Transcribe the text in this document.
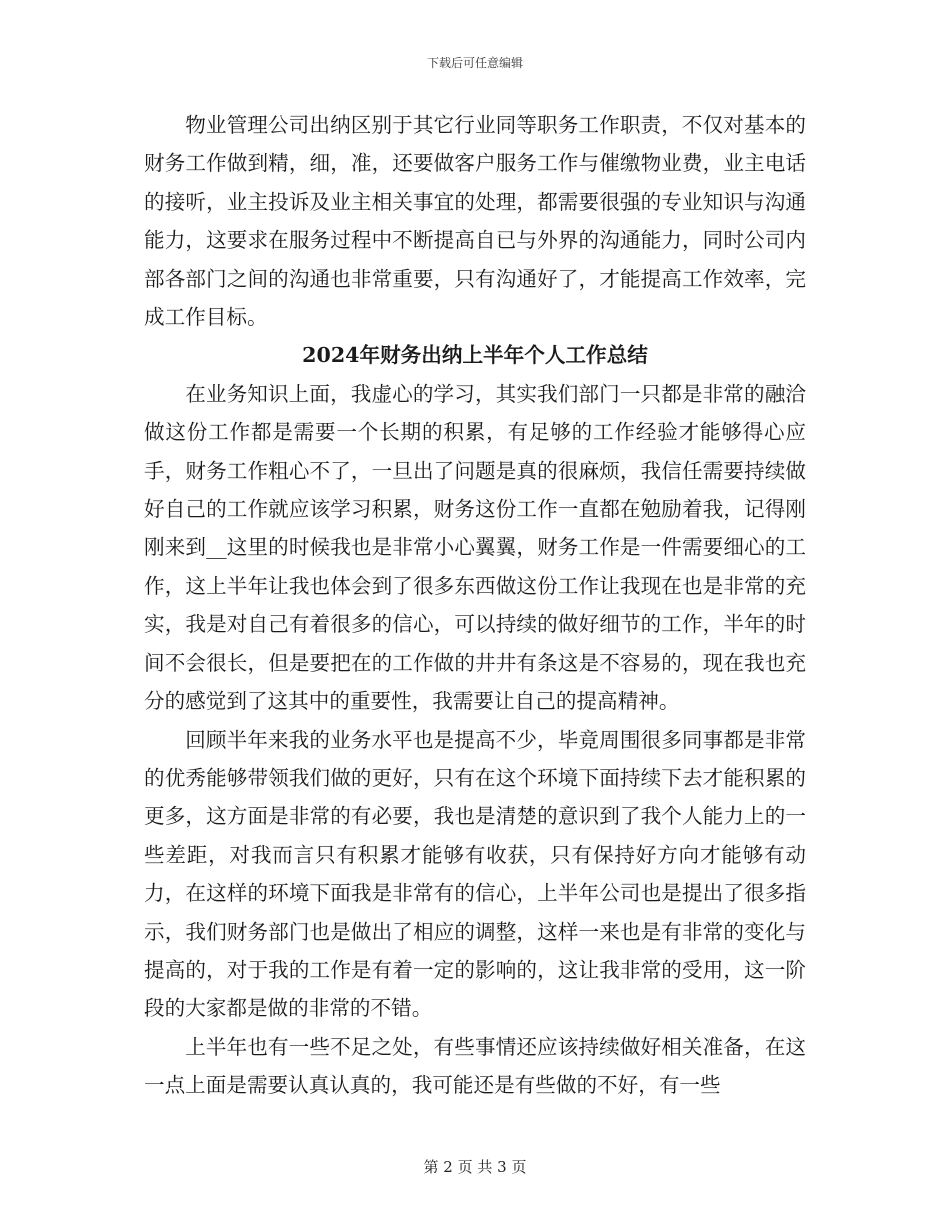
下载后可任意编辑

物业管理公司出纳区别于其它行业同等职务工作职责，不仅对基本的财务工作做到精，细，准，还要做客户服务工作与催缴物业费，业主电话的接听，业主投诉及业主相关事宜的处理，都需要很强的专业知识与沟通能力，这要求在服务过程中不断提高自已与外界的沟通能力，同时公司内部各部门之间的沟通也非常重要，只有沟通好了，才能提高工作效率，完成工作目标。

2024年财务出纳上半年个人工作总结

在业务知识上面，我虚心的学习，其实我们部门一只都是非常的融洽做这份工作都是需要一个长期的积累，有足够的工作经验才能够得心应手，财务工作粗心不了，一旦出了问题是真的很麻烦，我信任需要持续做好自己的工作就应该学习积累，财务这份工作一直都在勉励着我，记得刚刚来到__这里的时候我也是非常小心翼翼，财务工作是一件需要细心的工作，这上半年让我也体会到了很多东西做这份工作让我现在也是非常的充实，我是对自己有着很多的信心，可以持续的做好细节的工作，半年的时间不会很长，但是要把在的工作做的井井有条这是不容易的，现在我也充分的感觉到了这其中的重要性，我需要让自己的提高精神。

回顾半年来我的业务水平也是提高不少，毕竟周围很多同事都是非常的优秀能够带领我们做的更好，只有在这个环境下面持续下去才能积累的更多，这方面是非常的有必要，我也是清楚的意识到了我个人能力上的一些差距，对我而言只有积累才能够有收获，只有保持好方向才能够有动力，在这样的环境下面我是非常有的信心，上半年公司也是提出了很多指示，我们财务部门也是做出了相应的调整，这样一来也是有非常的变化与提高的，对于我的工作是有着一定的影响的，这让我非常的受用，这一阶段的大家都是做的非常的不错。

上半年也有一些不足之处，有些事情还应该持续做好相关准备，在这一点上面是需要认真认真的，我可能还是有些做的不好，有一些

第 2 页 共 3 页
